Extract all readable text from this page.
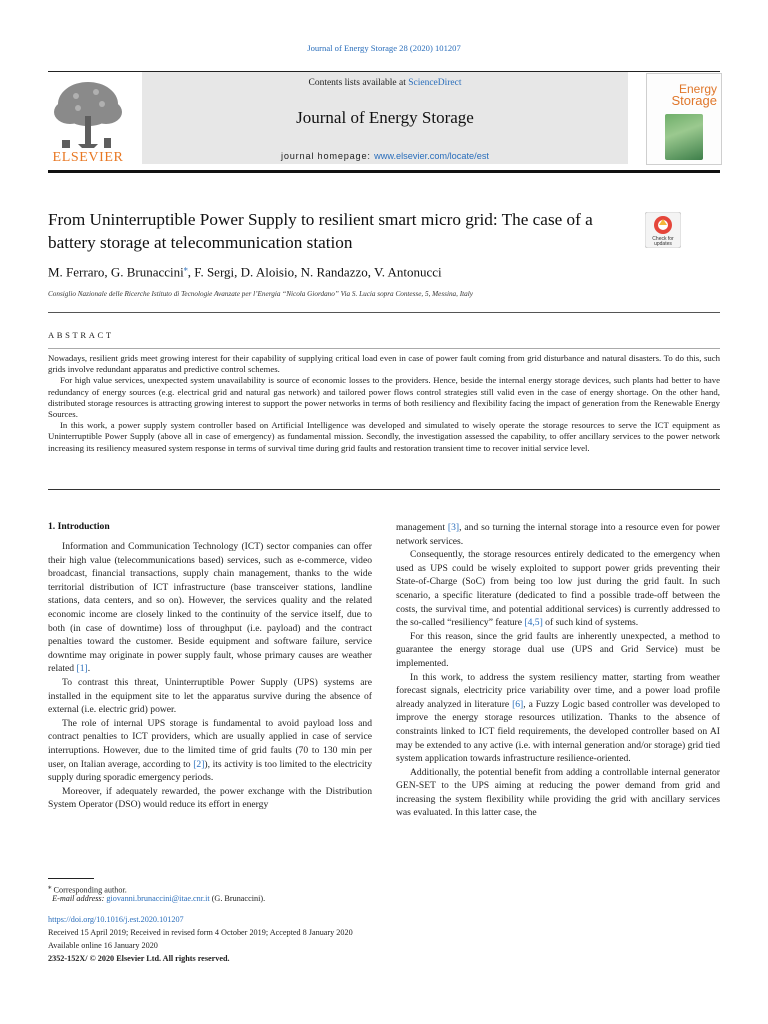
Journal of Energy Storage 28 (2020) 101207
ELSEVIER
Contents lists available at ScienceDirect
Journal of Energy Storage
journal homepage: www.elsevier.com/locate/est
Energy
Storage
From Uninterruptible Power Supply to resilient smart micro grid: The case of a battery storage at telecommunication station	Check for
updates
M. Ferraro, G. Brunaccini⁎, F. Sergi, D. Aloisio, N. Randazzo, V. Antonucci
Consiglio Nazionale delle Ricerche Istituto di Tecnologie Avanzate per l’Energia “Nicola Giordano” Via S. Lucia sopra Contesse, 5, Messina, Italy
ABSTRACT

Nowadays, resilient grids meet growing interest for their capability of supplying critical load even in case of power fault coming from grid disturbance and natural disasters. To do this, such grids involve redundant apparatus and predictive control schemes.

For high value services, unexpected system unavailability is source of economic losses to the providers. Hence, beside the internal energy storage devices, such plants had better to have redundancy of energy sources (e.g. electrical grid and natural gas network) and tailored power flows control strategies still valid even in the case of energy shortage. On the other hand, distributed storage resources is attracting growing interest to support the power networks in terms of both resiliency and flexibility facing the impact of generation from the Renewable Energy Sources.

In this work, a power supply system controller based on Artificial Intelligence was developed and simulated to wisely operate the storage resources to serve the ICT equipment as Uninterruptible Power Supply (above all in case of emergency) as fundamental mission. Secondly, the investigation assessed the capability, to offer ancillary services to the power network increasing its resiliency measured system response in terms of survival time during grid faults and restoration transient time to recover initial service level.

1. Introduction

Information and Communication Technology (ICT) sector companies can offer their high value (telecommunications based) services, such as e-commerce, video broadcast, financial transactions, supply chain management, thanks to the wide territorial distribution of ICT infrastructure (base transceiver stations, landline stations, data centers, and so on). However, the services quality and the related economic income are closely linked to the continuity of the service itself, due to both (in case of downtime) loss of throughput (i.e. payload) and the contract penalties toward the customer. Beside equipment and software failure, service downtime may originate in power supply fault, whose primary causes are weather related [1].

To contrast this threat, Uninterruptible Power Supply (UPS) systems are installed in the equipment site to let the apparatus survive during the absence of external (i.e. electric grid) power.

The role of internal UPS storage is fundamental to avoid payload loss and contract penalties to ICT providers, which are usually applied in case of service interruptions. However, due to the limited time of grid faults (70 to 130 min per user, on Italian average, according to [2]), its activity is too limited to the electricity supply during sporadic emergency periods.

Moreover, if adequately rewarded, the power exchange with the Distribution System Operator (DSO) would reduce its effort in energy

management [3], and so turning the internal storage into a resource even for power network services.

Consequently, the storage resources entirely dedicated to the emergency when used as UPS could be wisely exploited to support power grids preventing their State-of-Charge (SoC) from being too low just during the grid fault. In such scenario, a specific literature (dedicated to find a possible trade-off between the costs, the survival time, and potential additional services) is currently addressed to the so-called “resiliency” feature [4,5] of such kind of systems.

For this reason, since the grid faults are inherently unexpected, a method to guarantee the energy storage dual use (UPS and Grid Service) must be implemented.

In this work, to address the system resiliency matter, starting from weather forecast signals, electricity price variability over time, and a power load profile already analyzed in literature [6], a Fuzzy Logic based controller was developed to improve the energy storage resources utilization. Thanks to the absence of constraints linked to ICT field requirements, the developed controller based on AI may be extended to any active (i.e. with internal generation and/or storage) grid tied system application towards infrastructure resilience-oriented.

Additionally, the potential benefit from adding a controllable internal generator GEN-SET to the UPS aiming at reducing the power demand from grid and increasing the system flexibility while providing the grid with ancillary services was evaluated. In this latter case, the

⁎ Corresponding author.
E-mail address: giovanni.brunaccini@itae.cnr.it (G. Brunaccini).
https://doi.org/10.1016/j.est.2020.101207
Received 15 April 2019; Received in revised form 4 October 2019; Accepted 8 January 2020
Available online 16 January 2020
2352-152X/ © 2020 Elsevier Ltd. All rights reserved.
